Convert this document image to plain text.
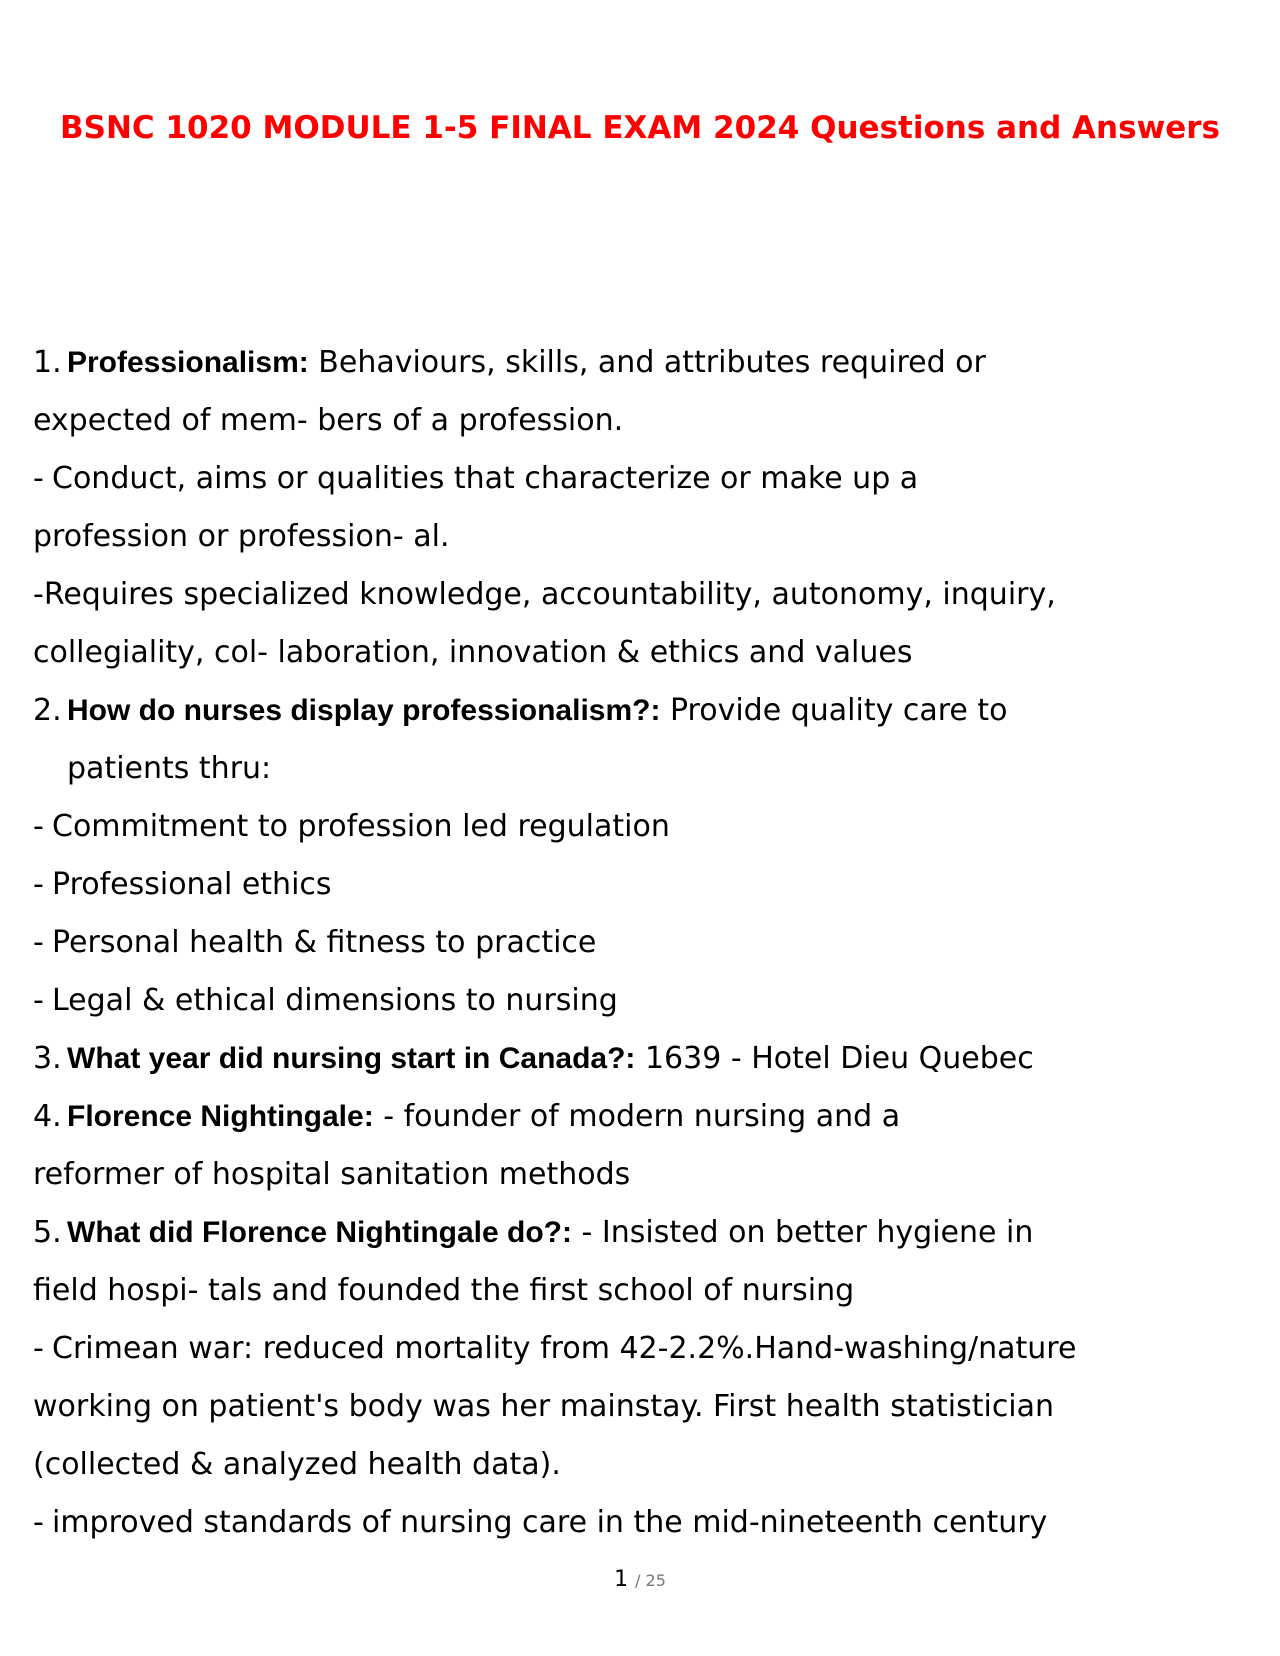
BSNC 1020 MODULE 1-5 FINAL EXAM 2024 Questions and Answers
1. Professionalism: Behaviours, skills, and attributes required or
expected of mem- bers of a profession.
- Conduct, aims or qualities that characterize or make up a
profession or profession- al.
-Requires specialized knowledge, accountability, autonomy, inquiry,
collegiality, col- laboration, innovation & ethics and values
2. How do nurses display professionalism?: Provide quality care to
patients thru:
- Commitment to profession led regulation
- Professional ethics
- Personal health & fitness to practice
- Legal & ethical dimensions to nursing
3. What year did nursing start in Canada?: 1639 - Hotel Dieu Quebec
4. Florence Nightingale: - founder of modern nursing and a
reformer of hospital sanitation methods
5. What did Florence Nightingale do?: - Insisted on better hygiene in
field hospi- tals and founded the first school of nursing
- Crimean war: reduced mortality from 42-2.2%.Hand-washing/nature
working on patient's body was her mainstay. First health statistician
(collected & analyzed health data).
- improved standards of nursing care in the mid-nineteenth century
1 / 25
